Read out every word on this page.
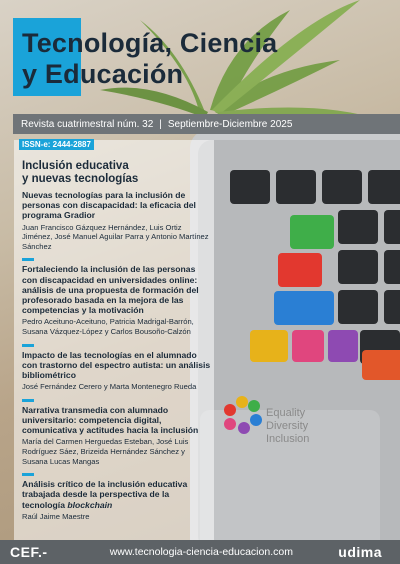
Equality
Diversity
Inclusion
Tecnología, Ciencia
y Educación
Revista cuatrimestral núm. 32 | Septiembre-Diciembre 2025
ISSN-e: 2444-2887
Inclusión educativa
y nuevas tecnologías
Nuevas tecnologías para la inclusión de personas con discapacidad: la eficacia del programa Gradior
Juan Francisco Gázquez Hernández, Luis Ortiz Jiménez, José Manuel Aguilar Parra y Antonio Martínez Sánchez
Fortaleciendo la inclusión de las personas con discapacidad en universidades online: análisis de una propuesta de formación del profesorado basada en la mejora de las competencias y la motivación
Pedro Aceituno-Aceituno, Patricia Madrigal-Barrón, Susana Vázquez-López y Carlos Bousoño-Calzón
Impacto de las tecnologías en el alumnado con trastorno del espectro autista: un análisis bibliométrico
José Fernández Cerero y Marta Montenegro Rueda
Narrativa transmedia con alumnado universitario: competencia digital, comunicativa y actitudes hacia la inclusión
María del Carmen Herguedas Esteban, José Luis Rodríguez Sáez, Brizeida Hernández Sánchez y Susana Lucas Mangas
Análisis crítico de la inclusión educativa trabajada desde la perspectiva de la tecnología blockchain
Raúl Jaime Maestre
CEF.-	www.tecnologia-ciencia-educacion.com	udima
